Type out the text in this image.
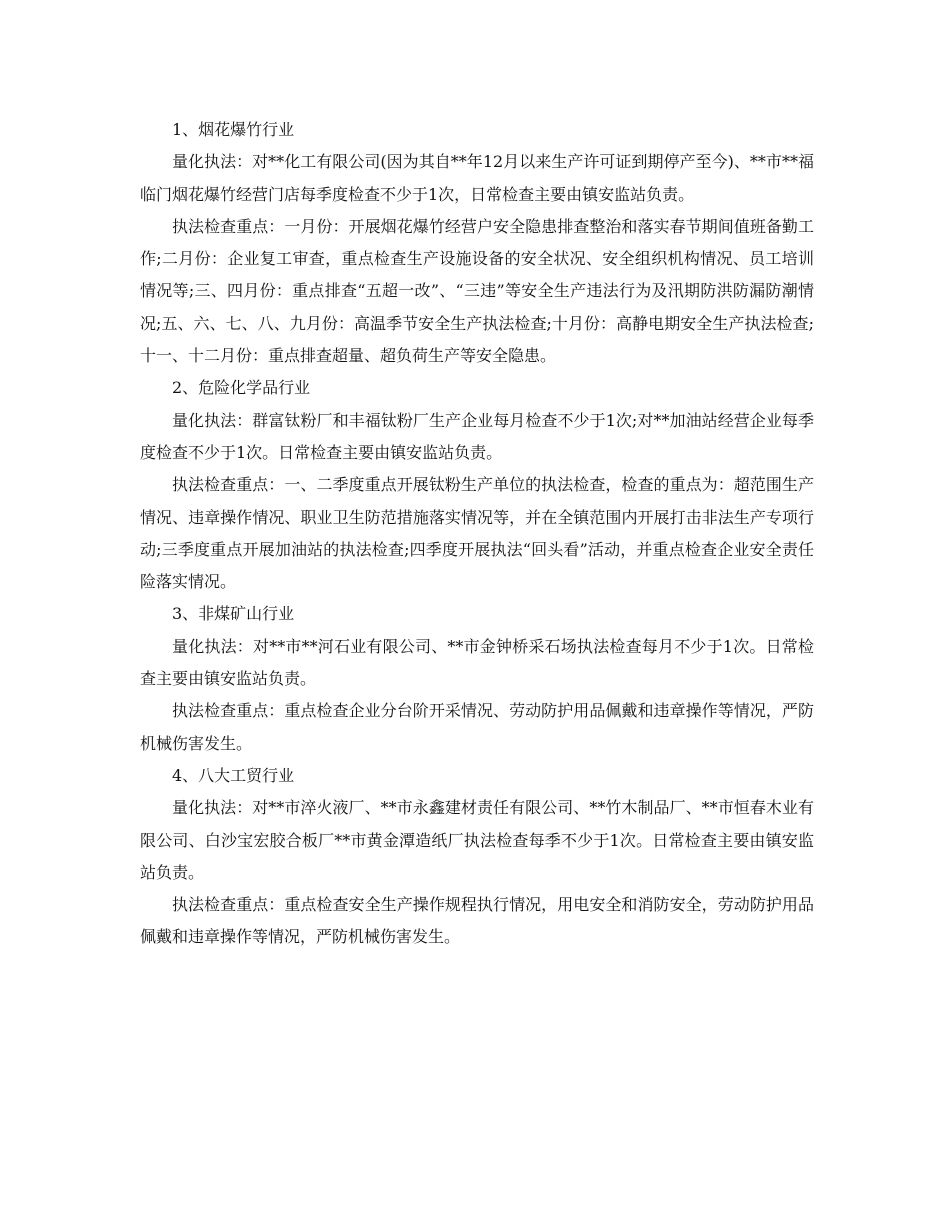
1、烟花爆竹行业

量化执法：对**化工有限公司(因为其自**年12月以来生产许可证到期停产至今)、**市**福临门烟花爆竹经营门店每季度检查不少于1次，日常检查主要由镇安监站负责。

执法检查重点：一月份：开展烟花爆竹经营户安全隐患排查整治和落实春节期间值班备勤工作;二月份：企业复工审查，重点检查生产设施设备的安全状况、安全组织机构情况、员工培训情况等;三、四月份：重点排查“五超一改”、“三违”等安全生产违法行为及汛期防洪防漏防潮情况;五、六、七、八、九月份：高温季节安全生产执法检查;十月份：高静电期安全生产执法检查;十一、十二月份：重点排查超量、超负荷生产等安全隐患。

2、危险化学品行业

量化执法：群富钛粉厂和丰福钛粉厂生产企业每月检查不少于1次;对**加油站经营企业每季度检查不少于1次。日常检查主要由镇安监站负责。

执法检查重点：一、二季度重点开展钛粉生产单位的执法检查，检查的重点为：超范围生产情况、违章操作情况、职业卫生防范措施落实情况等，并在全镇范围内开展打击非法生产专项行动;三季度重点开展加油站的执法检查;四季度开展执法“回头看”活动，并重点检查企业安全责任险落实情况。

3、非煤矿山行业

量化执法：对**市**河石业有限公司、**市金钟桥采石场执法检查每月不少于1次。日常检查主要由镇安监站负责。

执法检查重点：重点检查企业分台阶开采情况、劳动防护用品佩戴和违章操作等情况，严防机械伤害发生。

4、八大工贸行业

量化执法：对**市淬火液厂、**市永鑫建材责任有限公司、**竹木制品厂、**市恒春木业有限公司、白沙宝宏胶合板厂**市黄金潭造纸厂执法检查每季不少于1次。日常检查主要由镇安监站负责。

执法检查重点：重点检查安全生产操作规程执行情况，用电安全和消防安全，劳动防护用品佩戴和违章操作等情况，严防机械伤害发生。
